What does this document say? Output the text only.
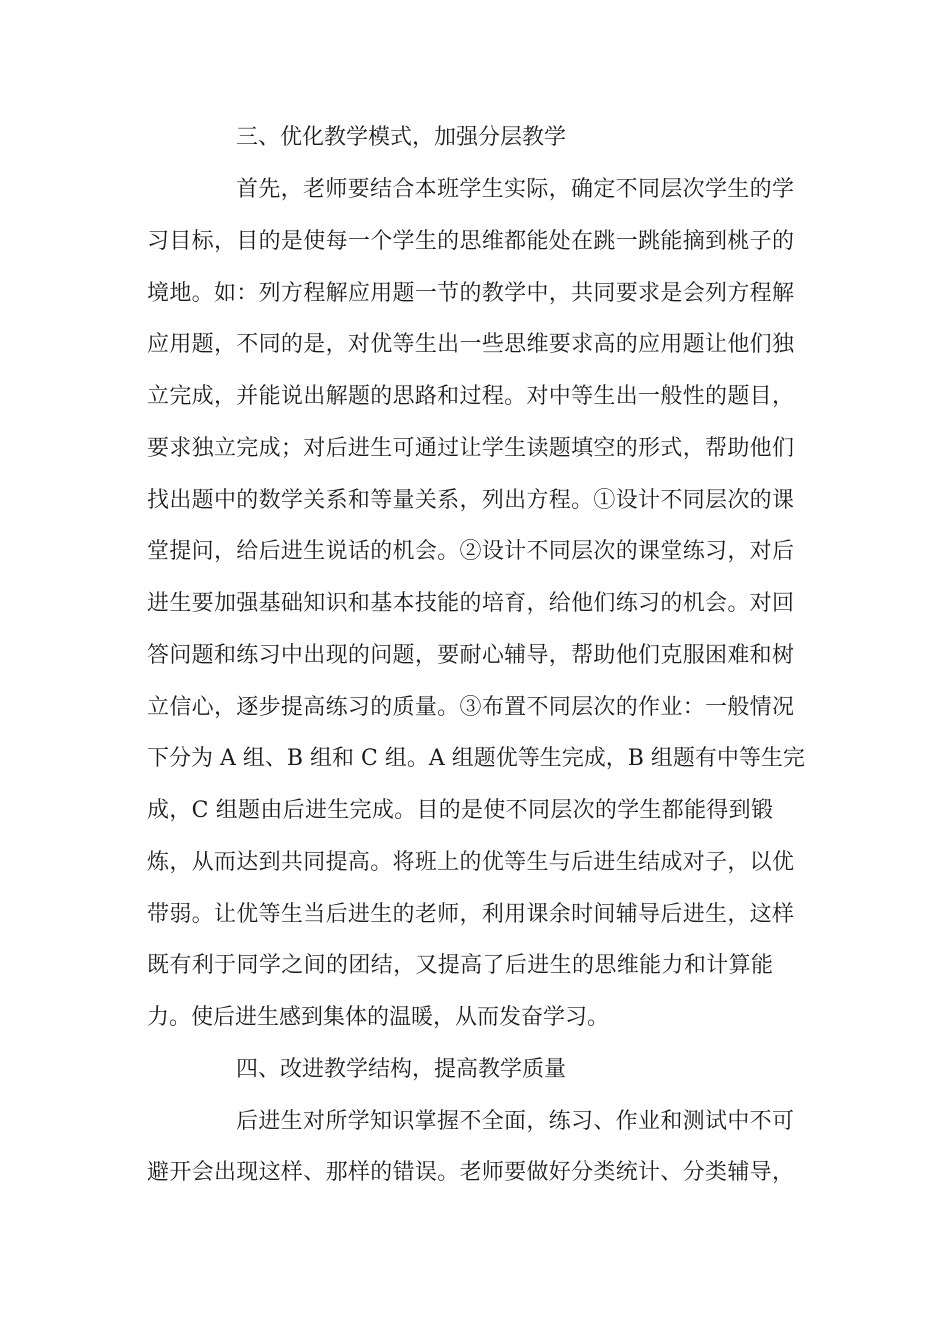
三、优化教学模式，加强分层教学

首先，老师要结合本班学生实际，确定不同层次学生的学

习目标，目的是使每一个学生的思维都能处在跳一跳能摘到桃子的

境地。如：列方程解应用题一节的教学中，共同要求是会列方程解

应用题，不同的是，对优等生出一些思维要求高的应用题让他们独

立完成，并能说出解题的思路和过程。对中等生出一般性的题目，

要求独立完成；对后进生可通过让学生读题填空的形式，帮助他们

找出题中的数学关系和等量关系，列出方程。①设计不同层次的课

堂提问，给后进生说话的机会。②设计不同层次的课堂练习，对后

进生要加强基础知识和基本技能的培育，给他们练习的机会。对回

答问题和练习中出现的问题，要耐心辅导，帮助他们克服困难和树

立信心，逐步提高练习的质量。③布置不同层次的作业：一般情况

下分为 A 组、B 组和 C 组。A 组题优等生完成，B 组题有中等生完

成，C 组题由后进生完成。目的是使不同层次的学生都能得到锻

炼，从而达到共同提高。将班上的优等生与后进生结成对子，以优

带弱。让优等生当后进生的老师，利用课余时间辅导后进生，这样

既有利于同学之间的团结，又提高了后进生的思维能力和计算能

力。使后进生感到集体的温暖，从而发奋学习。

四、改进教学结构，提高教学质量

后进生对所学知识掌握不全面，练习、作业和测试中不可

避开会出现这样、那样的错误。老师要做好分类统计、分类辅导，
